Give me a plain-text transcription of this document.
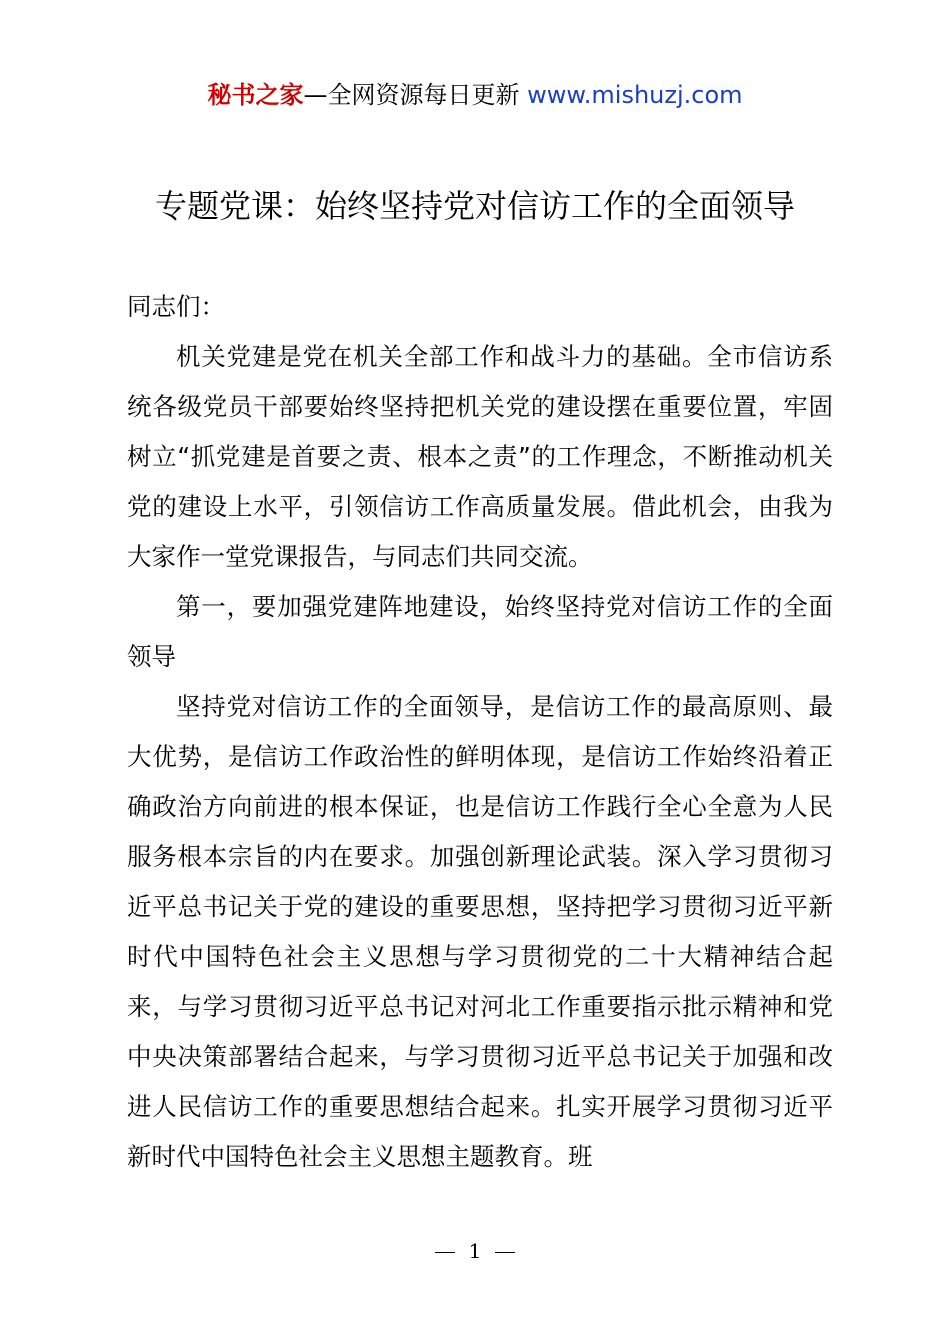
秘书之家—全网资源每日更新 www.mishuzj.com
专题党课：始终坚持党对信访工作的全面领导

同志们：

机关党建是党在机关全部工作和战斗力的基础。全市信访系统各级党员干部要始终坚持把机关党的建设摆在重要位置，牢固树立“抓党建是首要之责、根本之责”的工作理念，不断推动机关党的建设上水平，引领信访工作高质量发展。借此机会，由我为大家作一堂党课报告，与同志们共同交流。

第一，要加强党建阵地建设，始终坚持党对信访工作的全面领导

坚持党对信访工作的全面领导，是信访工作的最高原则、最大优势，是信访工作政治性的鲜明体现，是信访工作始终沿着正确政治方向前进的根本保证，也是信访工作践行全心全意为人民服务根本宗旨的内在要求。加强创新理论武装。深入学习贯彻习近平总书记关于党的建设的重要思想，坚持把学习贯彻习近平新时代中国特色社会主义思想与学习贯彻党的二十大精神结合起来，与学习贯彻习近平总书记对河北工作重要指示批示精神和党中央决策部署结合起来，与学习贯彻习近平总书记关于加强和改进人民信访工作的重要思想结合起来。扎实开展学习贯彻习近平新时代中国特色社会主义思想主题教育。班

1
